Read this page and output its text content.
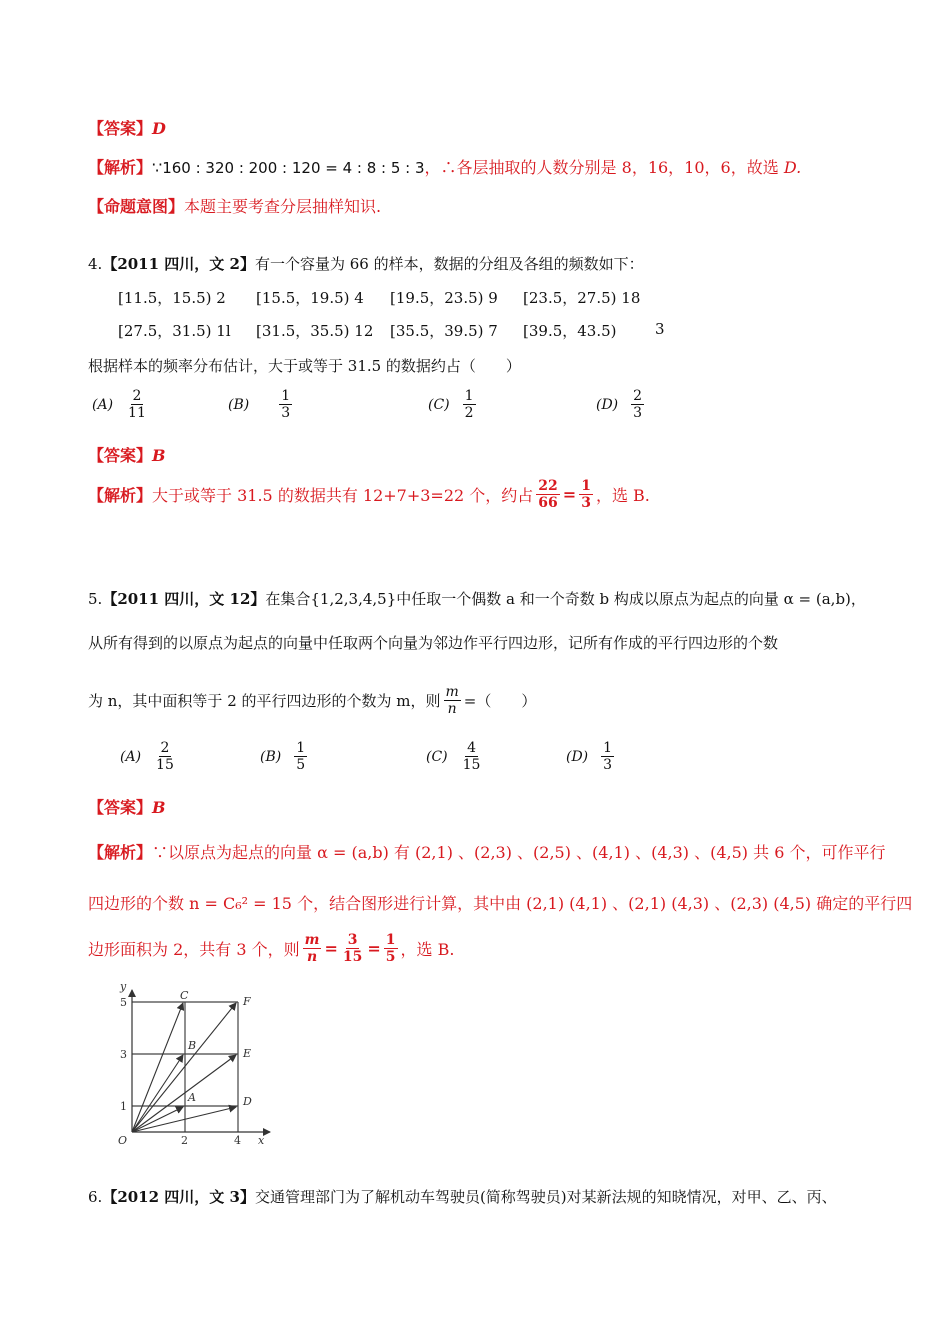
【答案】D
【解析】∵160 : 320 : 200 : 120 = 4 : 8 : 5 : 3，∴各层抽取的人数分别是 8，16，10，6，故选 D.
【命题意图】本题主要考查分层抽样知识.
4.【2011 四川，文 2】有一个容量为 66 的样本，数据的分组及各组的频数如下：
[11.5，15.5) 2 [15.5，19.5) 4 [19.5，23.5) 9 [23.5，27.5) 18
[27.5，31.5) 1l [31.5，35.5) 12 [35.5，39.5) 7 [39.5，43.5)	3
根据样本的频率分布估计，大于或等于 31.5 的数据约占（　　）
$(A) \frac{2}{11}$	$(B) \frac{1}{3}$	$(C) \frac{1}{2}$	$(D) \frac{2}{3}$
【答案】B
【解析】 大于或等于 31.5 的数据共有 12+7+3=22 个，约占 $\frac{22}{66} = \frac{1}{3}$ ，选 B.
5.【2011 四川，文 12】在集合{1,2,3,4,5}中任取一个偶数 a 和一个奇数 b 构成以原点为起点的向量 α = (a,b)，
从所有得到的以原点为起点的向量中任取两个向量为邻边作平行四边形，记所有作成的平行四边形的个数
为 n，其中面积等于 2 的平行四边形的个数为 m，则 $\frac{m}{n}$ =（　　）
$(A) \frac{2}{15}$	$(B) \frac{1}{5}$	$(C) \frac{4}{15}$	$(D) \frac{1}{3}$
【答案】B
【解析】∵以原点为起点的向量 α = (a,b) 有 (2,1) 、(2,3) 、(2,5) 、(4,1) 、(4,3) 、(4,5) 共 6 个，可作平行
四边形的个数 n = C₆² = 15 个，结合图形进行计算，其中由 (2,1) (4,1) 、(2,1) (4,3) 、(2,3) (4,5) 确定的平行四
边形面积为 2，共有 3 个，则 $\frac{m}{n} = \frac{3}{15} = \frac{1}{5}$ ，选 B.
y
x
O
5
3
1
2	4
C
B
A
F
E
D
6.【2012 四川，文 3】交通管理部门为了解机动车驾驶员(简称驾驶员)对某新法规的知晓情况，对甲、乙、丙、
